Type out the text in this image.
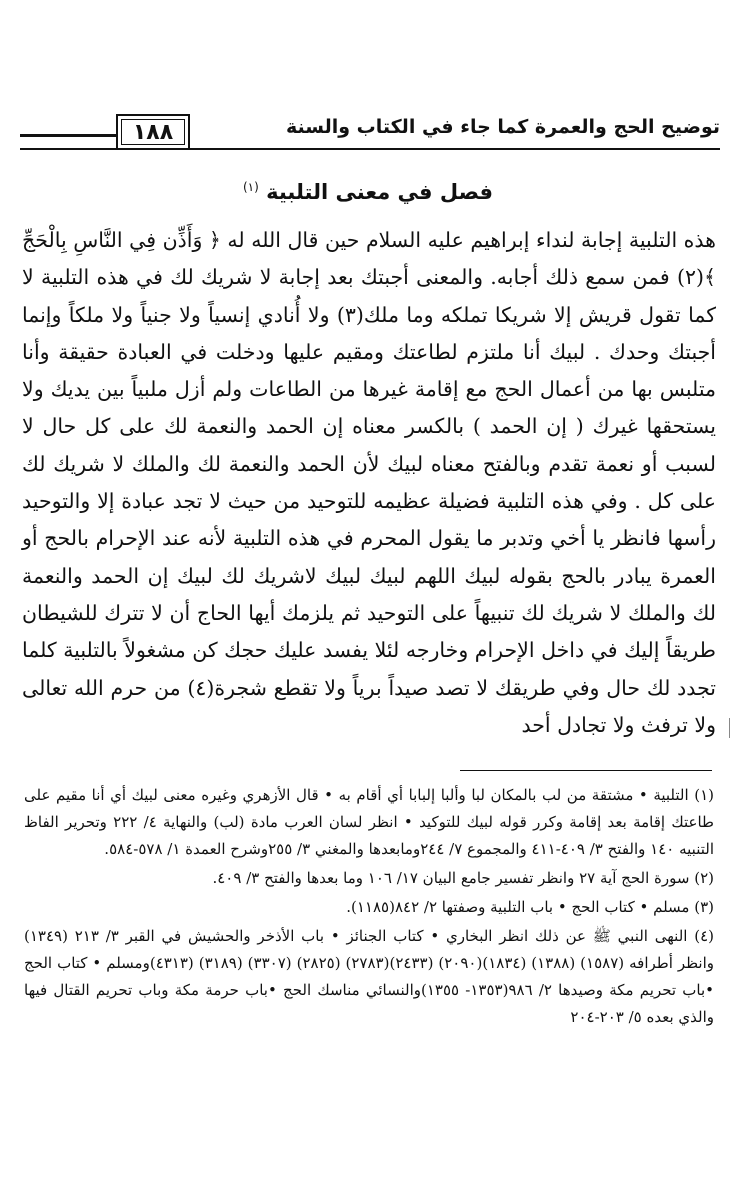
١٨٨	توضيح الحج والعمرة كما جاء في الكتاب والسنة
فصل في معنى التلبية $^{(١)}$

هذه التلبية إجابة لنداء إبراهيم عليه السلام حين قال الله له ﴿ وَأَذِّن فِي النَّاسِ بِالْحَجِّ ﴾(٢) فمن سمع ذلك أجابه. والمعنى أجبتك بعد إجابة لا شريك لك في هذه التلبية لا كما تقول قريش إلا شريكا تملكه وما ملك(٣) ولا أُنادي إنسياً ولا جنياً ولا ملكاً وإنما أجبتك وحدك . لبيك أنا ملتزم لطاعتك ومقيم عليها ودخلت في العبادة حقيقة وأنا متلبس بها من أعمال الحج مع إقامة غيرها من الطاعات ولم أزل ملبياً بين يديك ولا يستحقها غيرك ( إن الحمد ) بالكسر معناه إن الحمد والنعمة لك على كل حال لا لسبب أو نعمة تقدم وبالفتح معناه لبيك لأن الحمد والنعمة لك والملك لا شريك لك على كل . وفي هذه التلبية فضيلة عظيمه للتوحيد من حيث لا تجد عبادة إلا والتوحيد رأسها فانظر يا أخي وتدبر ما يقول المحرم في هذه التلبية لأنه عند الإحرام بالحج أو العمرة يبادر بالحج بقوله لبيك اللهم لبيك لبيك لاشريك لك لبيك إن الحمد والنعمة لك والملك لا شريك لك تنبيهاً على التوحيد ثم يلزمك أيها الحاج أن لا تترك للشيطان طريقاً إليك في داخل الإحرام وخارجه لئلا يفسد عليك حجك كن مشغولاً بالتلبية كلما تجدد لك حال وفي طريقك لا تصد صيداً برياً ولا تقطع شجرة(٤) من حرم الله تعالى ولا ترفث ولا تجادل أحد

(١) التلبية • مشتقة من لب بالمكان لبا وألبا إلبابا أي أقام به • قال الأزهري وغيره معنى لبيك أي أنا مقيم على طاعتك إقامة بعد إقامة وكرر قوله لبيك للتوكيد • انظر لسان العرب مادة (لب) والنهاية ٤/ ٢٢٢ وتحرير الفاظ التنبيه ١٤٠ والفتح ٣/ ٤٠٩-٤١١ والمجموع ٧/ ٢٤٤ومابعدها والمغني ٣/ ٢٥٥وشرح العمدة ١/ ٥٧٨-٥٨٤.
(٢) سورة الحج آية ٢٧ وانظر تفسير جامع البيان ١٧/ ١٠٦ وما بعدها والفتح ٣/ ٤٠٩.
(٣) مسلم • كتاب الحج • باب التلبية وصفتها ٢/ ٨٤٢(١١٨٥).
(٤) النهى النبي ﷺ عن ذلك انظر البخاري • كتاب الجنائز • باب الأذخر والحشيش في القبر ٣/ ٢١٣ (١٣٤٩) وانظر أطرافه (١٥٨٧) (١٣٨٨) (١٨٣٤)(٢٠٩٠) (٢٤٣٣)(٢٧٨٣) (٢٨٢٥) (٣٣٠٧) (٣١٨٩) (٤٣١٣)ومسلم • كتاب الحج •باب تحريم مكة وصيدها ٢/ ٩٨٦(١٣٥٣- ١٣٥٥)والنسائي مناسك الحج •باب حرمة مكة وباب تحريم القتال فيها والذي بعده ٥/ ٢٠٣-٢٠٤
